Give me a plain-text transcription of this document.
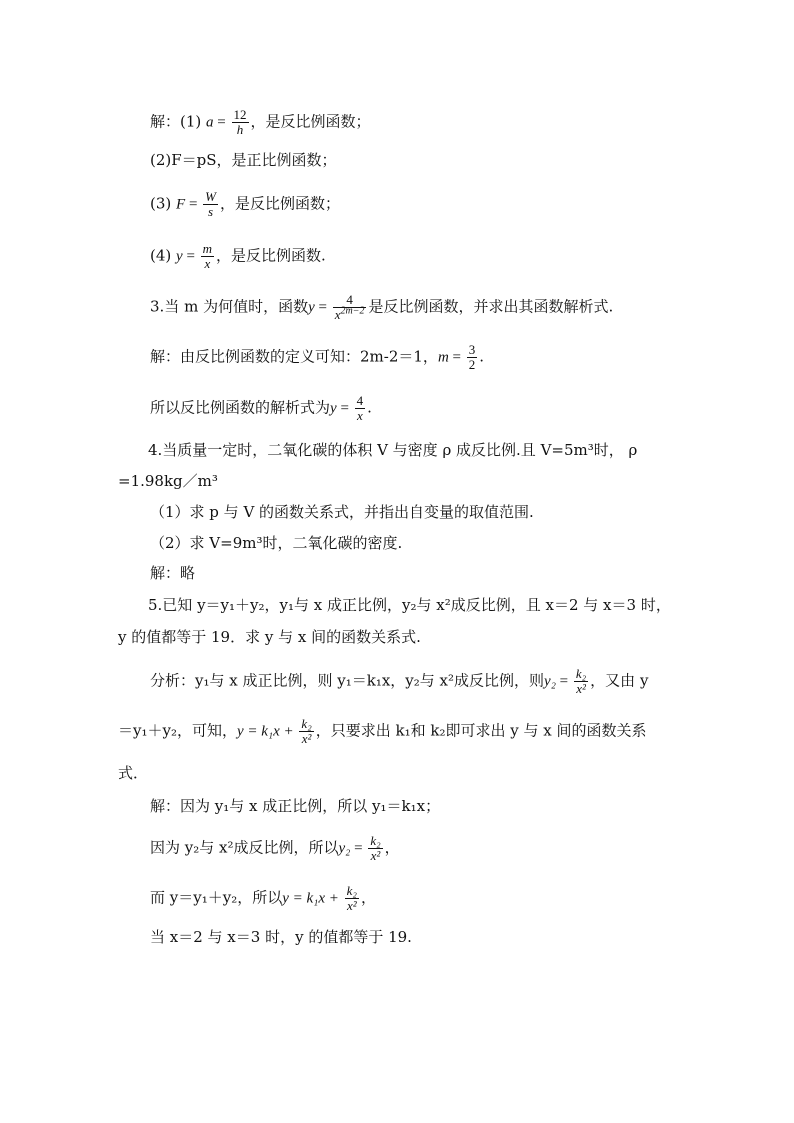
解：(1) $a = \frac{12}{h}$ ，是反比例函数；
(2)F＝pS，是正比例函数；
(3) $F = \frac{W}{s}$ ，是反比例函数；
(4) $y = \frac{m}{x}$ ，是反比例函数.
3.当 m 为何值时，函数$y = \frac{4}{x^{2m-2}}$ 是反比例函数，并求出其函数解析式.
解：由反比例函数的定义可知：2m-2＝1，$m = \frac{3}{2}$ .
所以反比例函数的解析式为$y = \frac{4}{x}$ .
4.当质量一定时，二氧化碳的体积 V 与密度 ρ 成反比例.且 V=5m³时， ρ
=1.98kg／m³
（1）求 p 与 V 的函数关系式，并指出自变量的取值范围.
（2）求 V=9m³时，二氧化碳的密度.
解：略
5.已知 y＝y₁＋y₂，y₁与 x 成正比例，y₂与 x²成反比例，且 x＝2 与 x＝3 时，
y 的值都等于 19．求 y 与 x 间的函数关系式.
分析：y₁与 x 成正比例，则 y₁＝k₁x，y₂与 x²成反比例，则$y_2 = \frac{\text{k₂}}{\text{x²}}$ ，又由 y
＝y₁＋y₂，可知，$y = k_1x + \frac{\text{k₂}}{\text{x²}}$ ，只要求出 k₁和 k₂即可求出 y 与 x 间的函数关系
式．
解：因为 y₁与 x 成正比例，所以 y₁＝k₁x；
因为 y₂与 x²成反比例，所以$y_2 = \frac{\text{k₂}}{\text{x²}}$ ，
而 y＝y₁＋y₂，所以$y = k_1x + \frac{\text{k₂}}{\text{x²}}$ ，
当 x＝2 与 x＝3 时，y 的值都等于 19.
